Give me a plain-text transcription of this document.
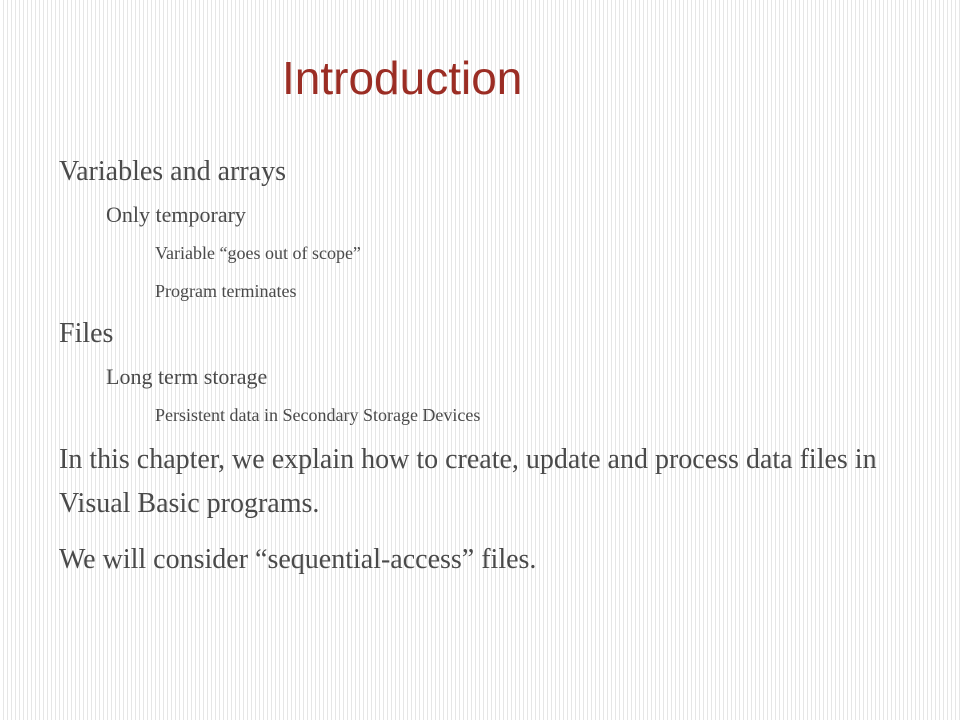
Introduction
Variables and arrays
Only temporary
Variable “goes out of scope”
Program terminates
Files
Long term storage
Persistent data in Secondary Storage Devices
In this chapter, we explain how to create, update and process data files in Visual Basic programs.
We will consider “sequential-access” files.
